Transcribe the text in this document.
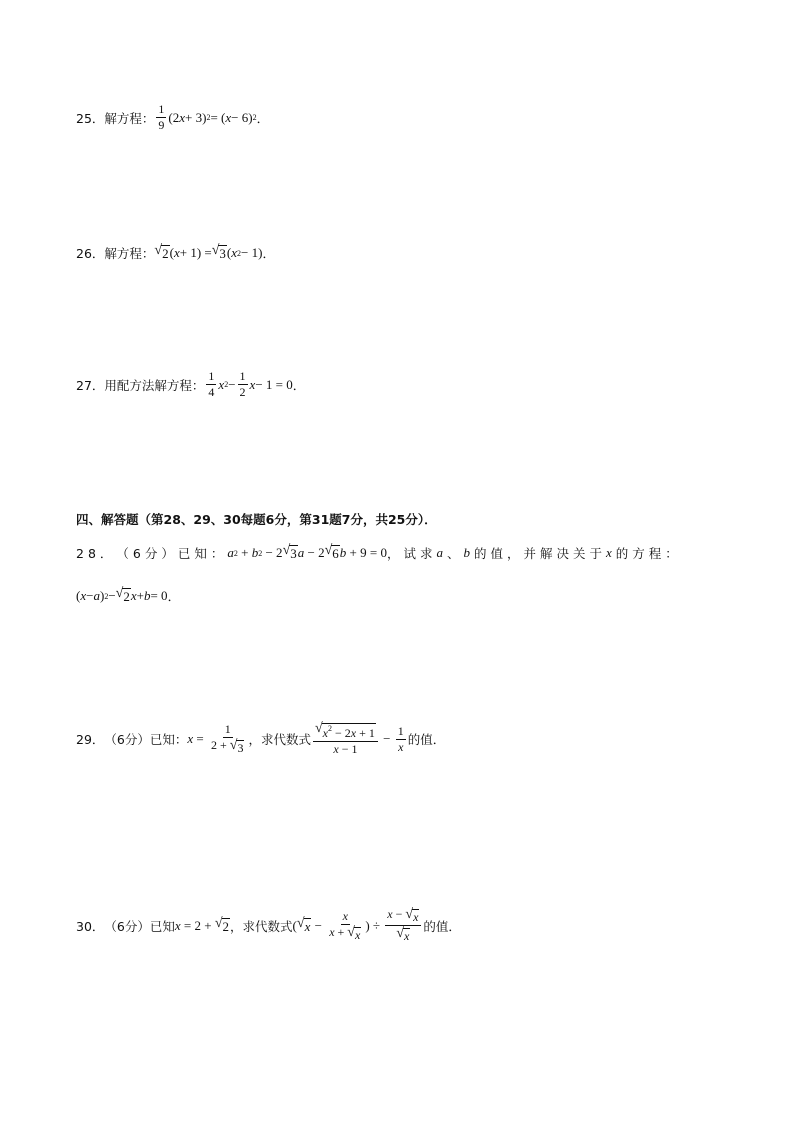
25． 解方程： $\frac{1}{9} (2$ x + 3) 2 = ( x − 6) 2 ．
26． 解方程： √ 2 ( x + 1) = √ 3 ( x 2 − 1) ．
27． 用配方法解方程： $\frac{1}{4}$ x $2 - \frac{1}{2}$ x − 1 = 0 ．
四、解答题（第28、29、30每题6分，第31题7分，共25分）．
28． （6分） 已知： a 2 + b 2 − 2 √ 3 a − 2 √ 6 b + 9 = 0 ，试求 a 、 b 的值，并解决关于 x 的方程：
( x − a ) 2 − √ 2 x + b = 0 ．
29． （6分） 已知： $x = \frac{1}{2 + √ 3}$ ，求代数式 $\frac{√ x^2 - 2x + 1}{x - 1} - \frac{1}{x}$ 的值．
30． （6分） 已知 x = 2 + √ 2 ，求代数式 ( √ $x - \frac{x}{x + √ x}$ ) ÷ $\frac{x - √ x}{√ x}$ 的值．
